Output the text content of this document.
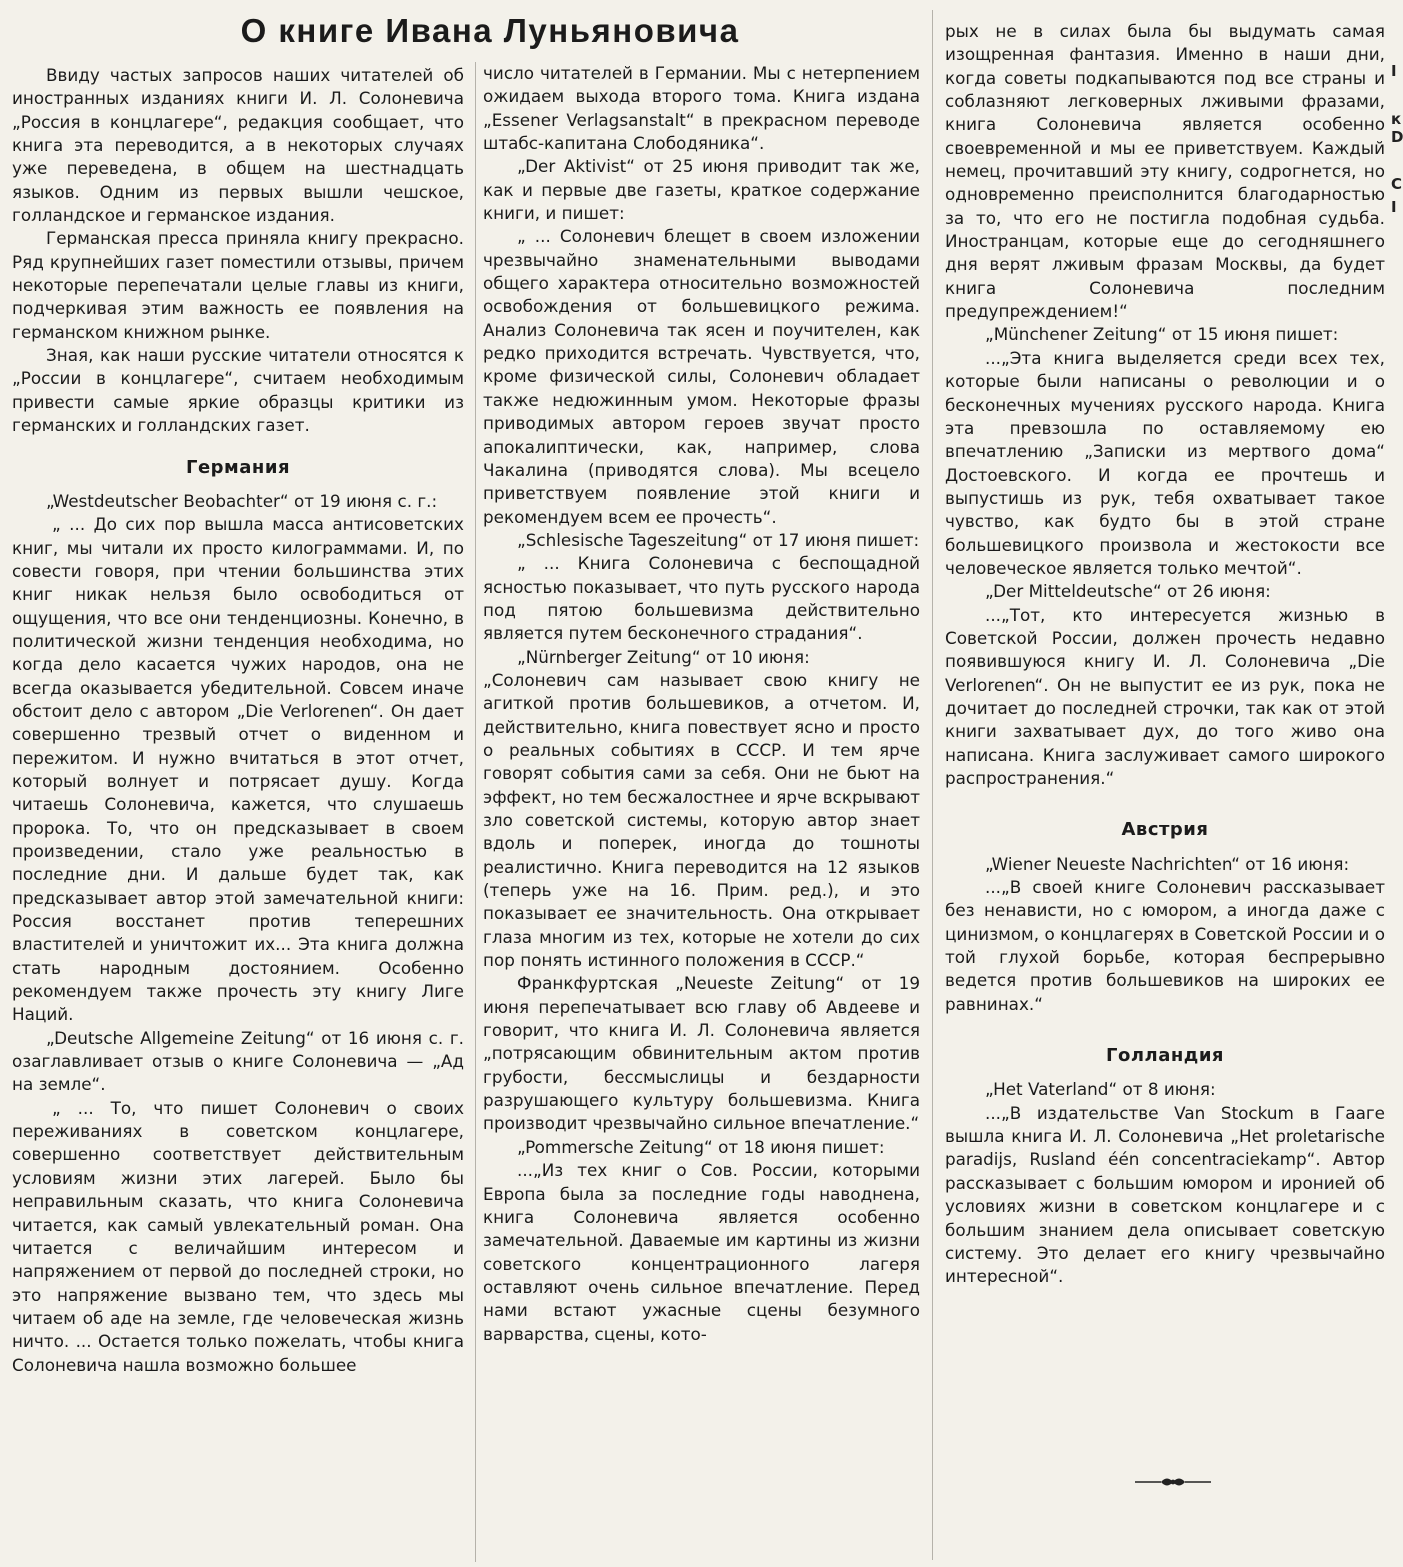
О книге Ивана Луньяновича

Ввиду частых запросов наших читателей об иностранных изданиях книги И. Л. Солоневича „Россия в концлагере“, редакция сообщает, что книга эта переводится, а в некоторых случаях уже переведена, в общем на шестнадцать языков. Одним из первых вышли чешское, голландское и германское издания.

Германская пресса приняла книгу прекрасно. Ряд крупнейших газет поместили отзывы, причем некоторые перепечатали целые главы из книги, подчеркивая этим важность ее появления на германском книжном рынке.

Зная, как наши русские читатели относятся к „России в концлагере“, считаем необходимым привести самые яркие образцы критики из германских и голландских газет.

Германия

„Westdeutscher Beobachter“ от 19 июня с. г.:

„ ... До сих пор вышла масса антисоветских книг, мы читали их просто килограммами. И, по совести говоря, при чтении большинства этих книг никак нельзя было освободиться от ощущения, что все они тенденциозны. Конечно, в политической жизни тенденция необходима, но когда дело касается чужих народов, она не всегда оказывается убедительной. Совсем иначе обстоит дело с автором „Die Verlorenen“. Он дает совершенно трезвый отчет о виденном и пережитом. И нужно вчитаться в этот отчет, который волнует и потрясает душу. Когда читаешь Солоневича, кажется, что слушаешь пророка. То, что он предсказывает в своем произведении, стало уже реальностью в последние дни. И дальше будет так, как предсказывает автор этой замечательной книги: Россия восстанет против теперешних властителей и уничтожит их... Эта книга должна стать народным достоянием. Особенно рекомендуем также прочесть эту книгу Лиге Наций.

„Deutsche Allgemeine Zeitung“ от 16 июня с. г. озаглавливает отзыв о книге Солоневича — „Ад на земле“.

„ ... То, что пишет Солоневич о своих переживаниях в советском концлагере, совершенно соответствует действительным условиям жизни этих лагерей. Было бы неправильным сказать, что книга Солоневича читается, как самый увлекательный роман. Она читается с величайшим интересом и напряжением от первой до последней строки, но это напряжение вызвано тем, что здесь мы читаем об аде на земле, где человеческая жизнь ничто. ... Остается только пожелать, чтобы книга Солоневича нашла возможно большее

число читателей в Германии. Мы с нетерпением ожидаем выхода второго тома. Книга издана „Essener Verlagsanstalt“ в прекрасном переводе штабс-капитана Слободяника“.

„Der Aktivist“ от 25 июня приводит так же, как и первые две газеты, краткое содержание книги, и пишет:

„ ... Солоневич блещет в своем изложении чрезвычайно знаменательными выводами общего характера относительно возможностей освобождения от большевицкого режима. Анализ Солоневича так ясен и поучителен, как редко приходится встречать. Чувствуется, что, кроме физической силы, Солоневич обладает также недюжинным умом. Некоторые фразы приводимых автором героев звучат просто апокалиптически, как, например, слова Чакалина (приводятся слова). Мы всецело приветствуем появление этой книги и рекомендуем всем ее прочесть“.

„Schlesische Tageszeitung“ от 17 июня пишет:

„ ... Книга Солоневича с беспощадной ясностью показывает, что путь русского народа под пятою большевизма действительно является путем бесконечного страдания“.

„Nürnberger Zeitung“ от 10 июня:

„Солоневич сам называет свою книгу не агиткой против большевиков, а отчетом. И, действительно, книга повествует ясно и просто о реальных событиях в СССР. И тем ярче говорят события сами за себя. Они не бьют на эффект, но тем бесжалостнее и ярче вскрывают зло советской системы, которую автор знает вдоль и поперек, иногда до тошноты реалистично. Книга переводится на 12 языков (теперь уже на 16. Прим. ред.), и это показывает ее значительность. Она открывает глаза многим из тех, которые не хотели до сих пор понять истинного положения в СССР.“

Франкфуртская „Neueste Zeitung“ от 19 июня перепечатывает всю главу об Авдееве и говорит, что книга И. Л. Солоневича является „потрясающим обвинительным актом против грубости, бессмыслицы и бездарности разрушающего культуру большевизма. Книга производит чрезвычайно сильное впечатление.“

„Pommersche Zeitung“ от 18 июня пишет:

...„Из тех книг о Сов. России, которыми Европа была за последние годы наводнена, книга Солоневича является особенно замечательной. Даваемые им картины из жизни советского концентрационного лагеря оставляют очень сильное впечатление. Перед нами встают ужасные сцены безумного варварства, сцены, кото-

рых не в силах была бы выдумать самая изощренная фантазия. Именно в наши дни, когда советы подкапываются под все страны и соблазняют легковерных лживыми фразами, книга Солоневича является особенно своевременной и мы ее приветствуем. Каждый немец, прочитавший эту книгу, содрогнется, но одновременно преисполнится благодарностью за то, что его не постигла подобная судьба. Иностранцам, которые еще до сегодняшнего дня верят лживым фразам Москвы, да будет книга Солоневича последним предупреждением!“

„Münchener Zeitung“ от 15 июня пишет:

...„Эта книга выделяется среди всех тех, которые были написаны о революции и о бесконечных мучениях русского народа. Книга эта превзошла по оставляемому ею впечатлению „Записки из мертвого дома“ Достоевского. И когда ее прочтешь и выпустишь из рук, тебя охватывает такое чувство, как будто бы в этой стране большевицкого произвола и жестокости все человеческое является только мечтой“.

„Der Mitteldeutsche“ от 26 июня:

...„Тот, кто интересуется жизнью в Советской России, должен прочесть недавно появившуюся книгу И. Л. Солоневича „Die Verlorenen“. Он не выпустит ее из рук, пока не дочитает до последней строчки, так как от этой книги захватывает дух, до того живо она написана. Книга заслуживает самого широкого распространения.“

Австрия

„Wiener Neueste Nachrichten“ от 16 июня:

...„В своей книге Солоневич рассказывает без ненависти, но с юмором, а иногда даже с цинизмом, о концлагерях в Советской России и о той глухой борьбе, которая беспрерывно ведется против большевиков на широких ее равнинах.“

Голландия

„Het Vaterland“ от 8 июня:

...„В издательстве Van Stockum в Гааге вышла книга И. Л. Солоневича „Het proletarische paradijs, Rusland één concentraciekamp“. Автор рассказывает с большим юмором и иронией об условиях жизни в советском концлагере и с большим знанием дела описывает советскую систему. Это делает его книгу чрезвычайно интересной“.

I
к
D
С
I
